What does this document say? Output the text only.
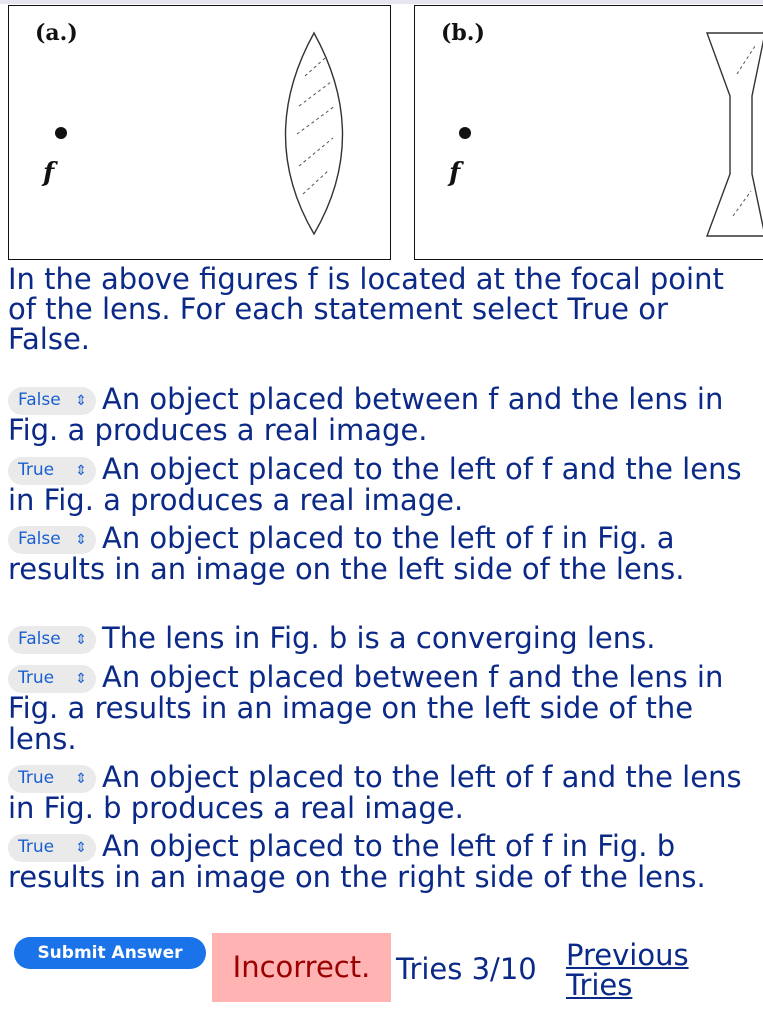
(a.)
f
(b.)
f

In the above figures f is located at the focal point of the lens. For each statement select True or False.

False ⇕ An object placed between f and the lens in Fig. a produces a real image.

True ⇕ An object placed to the left of f and the lens in Fig. a produces a real image.

False ⇕ An object placed to the left of f in Fig. a results in an image on the left side of the lens.

False ⇕ The lens in Fig. b is a converging lens.

True ⇕ An object placed between f and the lens in Fig. a results in an image on the left side of the lens.

True ⇕ An object placed to the left of f and the lens in Fig. b produces a real image.

True ⇕ An object placed to the left of f in Fig. b results in an image on the right side of the lens.

Submit Answer	Incorrect. Tries 3/10 Previous
Tries
